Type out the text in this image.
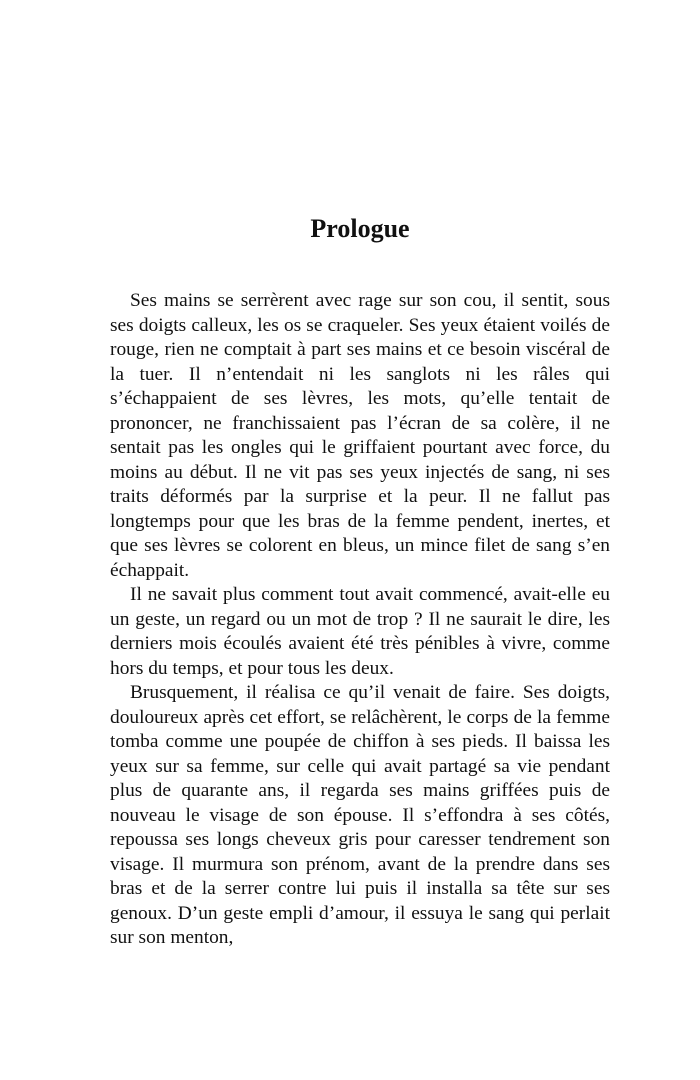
Prologue

Ses mains se serrèrent avec rage sur son cou, il sentit, sous ses doigts calleux, les os se craqueler. Ses yeux étaient voilés de rouge, rien ne comptait à part ses mains et ce besoin viscéral de la tuer. Il n’entendait ni les sanglots ni les râles qui s’échappaient de ses lèvres, les mots, qu’elle tentait de prononcer, ne franchissaient pas l’écran de sa colère, il ne sentait pas les ongles qui le griffaient pourtant avec force, du moins au début. Il ne vit pas ses yeux injectés de sang, ni ses traits déformés par la surprise et la peur. Il ne fallut pas longtemps pour que les bras de la femme pendent, inertes, et que ses lèvres se colorent en bleus, un mince filet de sang s’en échappait.

Il ne savait plus comment tout avait commencé, avait-elle eu un geste, un regard ou un mot de trop ? Il ne saurait le dire, les derniers mois écoulés avaient été très pénibles à vivre, comme hors du temps, et pour tous les deux.

Brusquement, il réalisa ce qu’il venait de faire. Ses doigts, douloureux après cet effort, se relâchèrent, le corps de la femme tomba comme une poupée de chiffon à ses pieds. Il baissa les yeux sur sa femme, sur celle qui avait partagé sa vie pendant plus de quarante ans, il regarda ses mains griffées puis de nouveau le visage de son épouse. Il s’effondra à ses côtés, repoussa ses longs cheveux gris pour caresser tendrement son visage. Il murmura son prénom, avant de la prendre dans ses bras et de la serrer contre lui puis il installa sa tête sur ses genoux. D’un geste empli d’amour, il essuya le sang qui perlait sur son menton,
